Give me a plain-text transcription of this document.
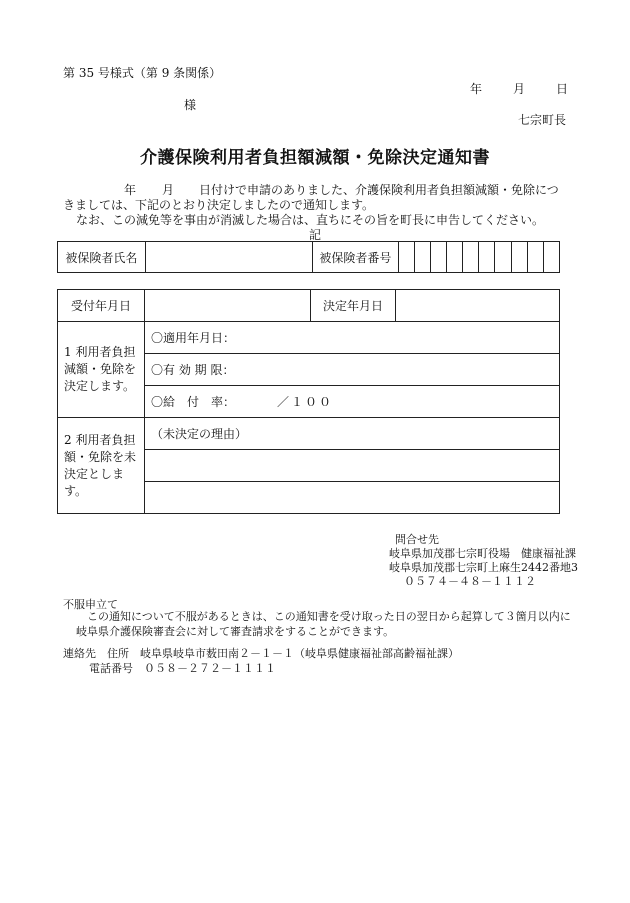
第 35 号様式（第 9 条関係）
年	月	日
様
七宗町長
介護保険利用者負担額減額・免除決定通知書
年 月 日付けで申請のありました、介護保険利用者負担額減額・免除につ
きましては、下記のとおり決定しましたので通知します。
なお、この減免等を事由が消滅した場合は、直ちにその旨を町長に申告してください。
記
被保険者氏名		被保険者番号										
受付年月日		決定年月日	

1 利用者負担減額・免除を決定します。	〇適用年月日：		
	〇有 効 期 限：		
	〇給　付　率： ／１００		

2 利用者負担額・免除を未決定とします。	（未決定の理由）		

問合せ先
岐阜県加茂郡七宗町役場　健康福祉課
岐阜県加茂郡七宗町上麻生2442番地3
０５７４－４８－１１１２
不服申立て
この通知について不服があるときは、この通知書を受け取った日の翌日から起算して３箇月以内に岐阜県介護保険審査会に対して審査請求をすることができます。
連絡先　住所　岐阜県岐阜市薮田南２－１－１（岐阜県健康福祉部高齢福祉課）
電話番号　０５８－２７２－１１１１
